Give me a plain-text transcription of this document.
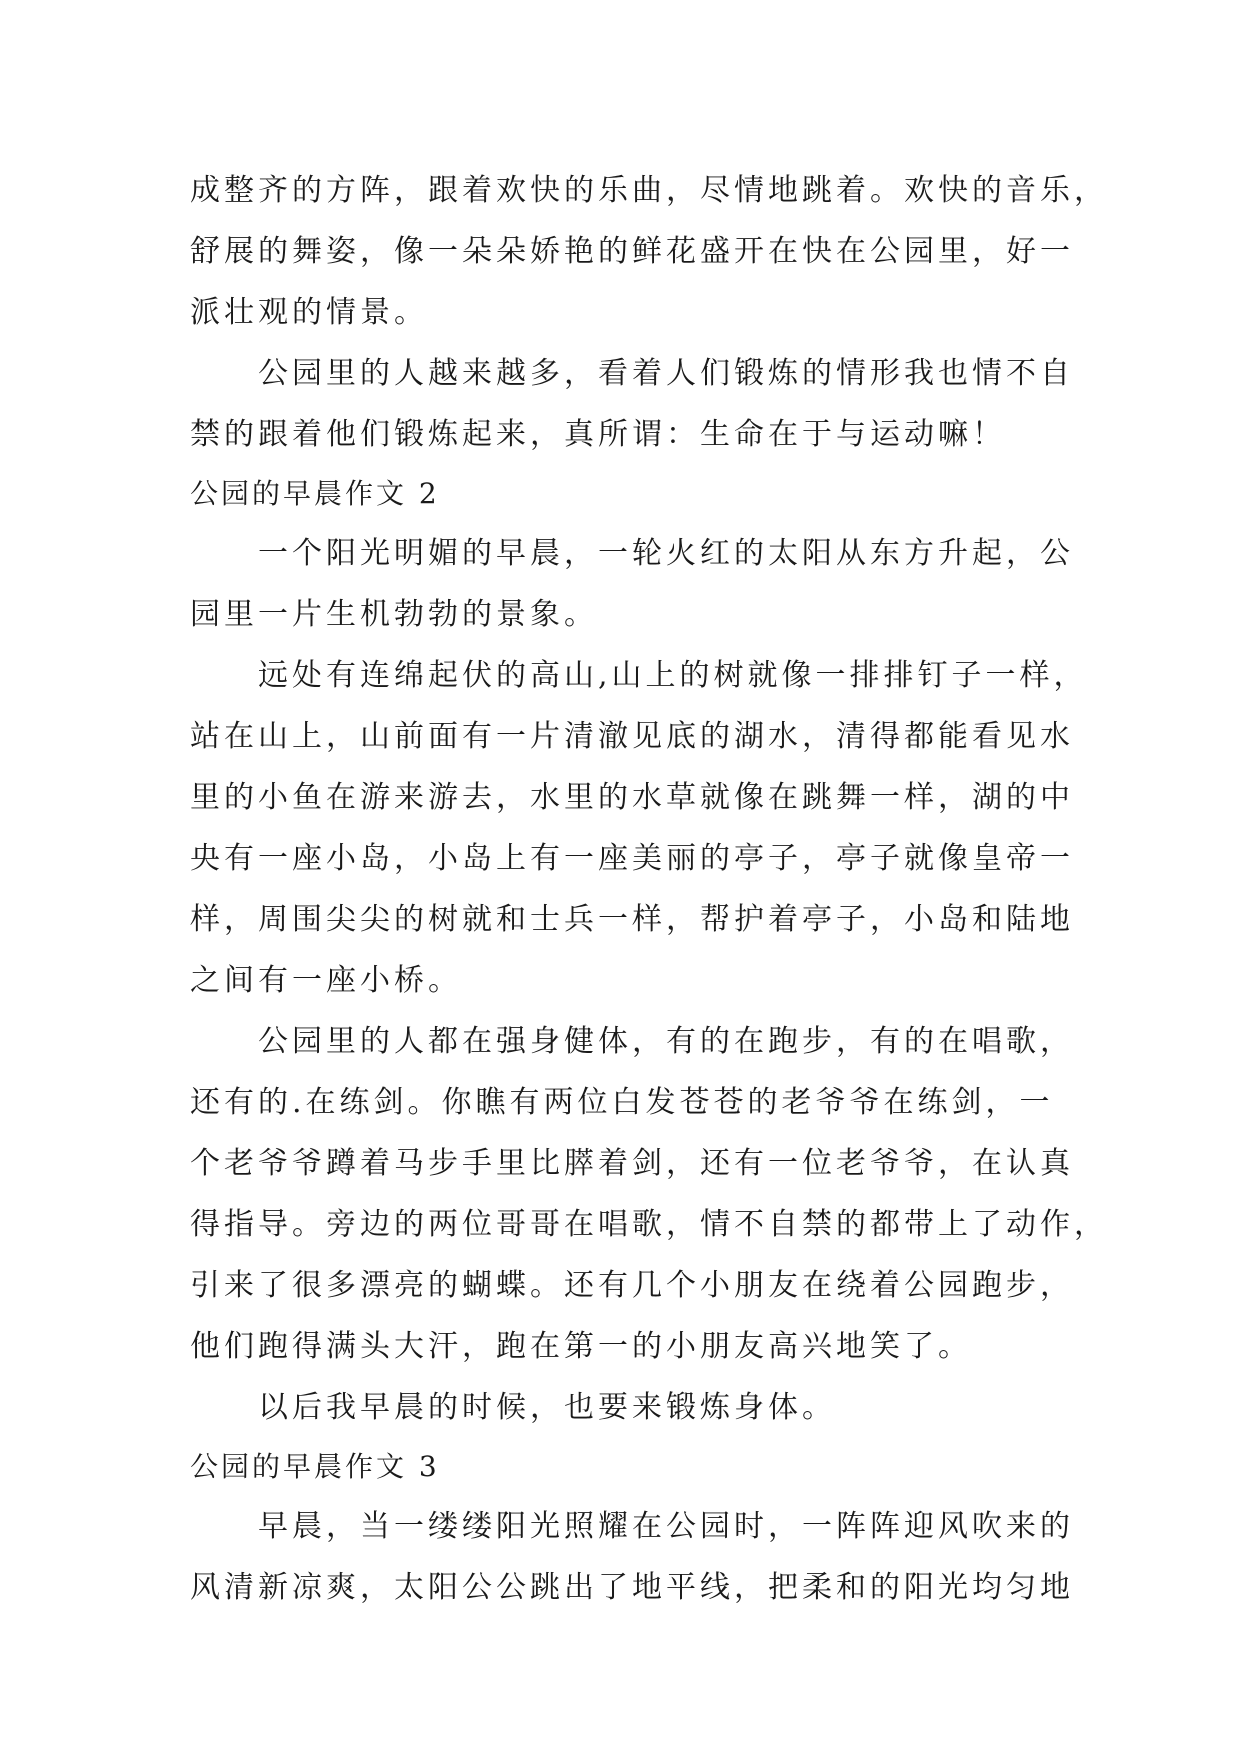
成整齐的方阵，跟着欢快的乐曲，尽情地跳着。欢快的音乐，
舒展的舞姿，像一朵朵娇艳的鲜花盛开在快在公园里，好一
派壮观的情景。
公园里的人越来越多，看着人们锻炼的情形我也情不自
禁的跟着他们锻炼起来，真所谓：生命在于与运动嘛！
公园的早晨作文 2
一个阳光明媚的早晨，一轮火红的太阳从东方升起，公
园里一片生机勃勃的景象。
远处有连绵起伏的高山,山上的树就像一排排钉子一样，
站在山上，山前面有一片清澈见底的湖水，清得都能看见水
里的小鱼在游来游去，水里的水草就像在跳舞一样，湖的中
央有一座小岛，小岛上有一座美丽的亭子，亭子就像皇帝一
样，周围尖尖的树就和士兵一样，帮护着亭子，小岛和陆地
之间有一座小桥。
公园里的人都在强身健体，有的在跑步，有的在唱歌，
还有的.在练剑。你瞧有两位白发苍苍的老爷爷在练剑，一
个老爷爷蹲着马步手里比膵着剑，还有一位老爷爷，在认真
得指导。旁边的两位哥哥在唱歌，情不自禁的都带上了动作，
引来了很多漂亮的蝴蝶。还有几个小朋友在绕着公园跑步，
他们跑得满头大汗，跑在第一的小朋友高兴地笑了。
以后我早晨的时候，也要来锻炼身体。
公园的早晨作文 3
早晨，当一缕缕阳光照耀在公园时，一阵阵迎风吹来的
风清新凉爽，太阳公公跳出了地平线，把柔和的阳光均匀地
